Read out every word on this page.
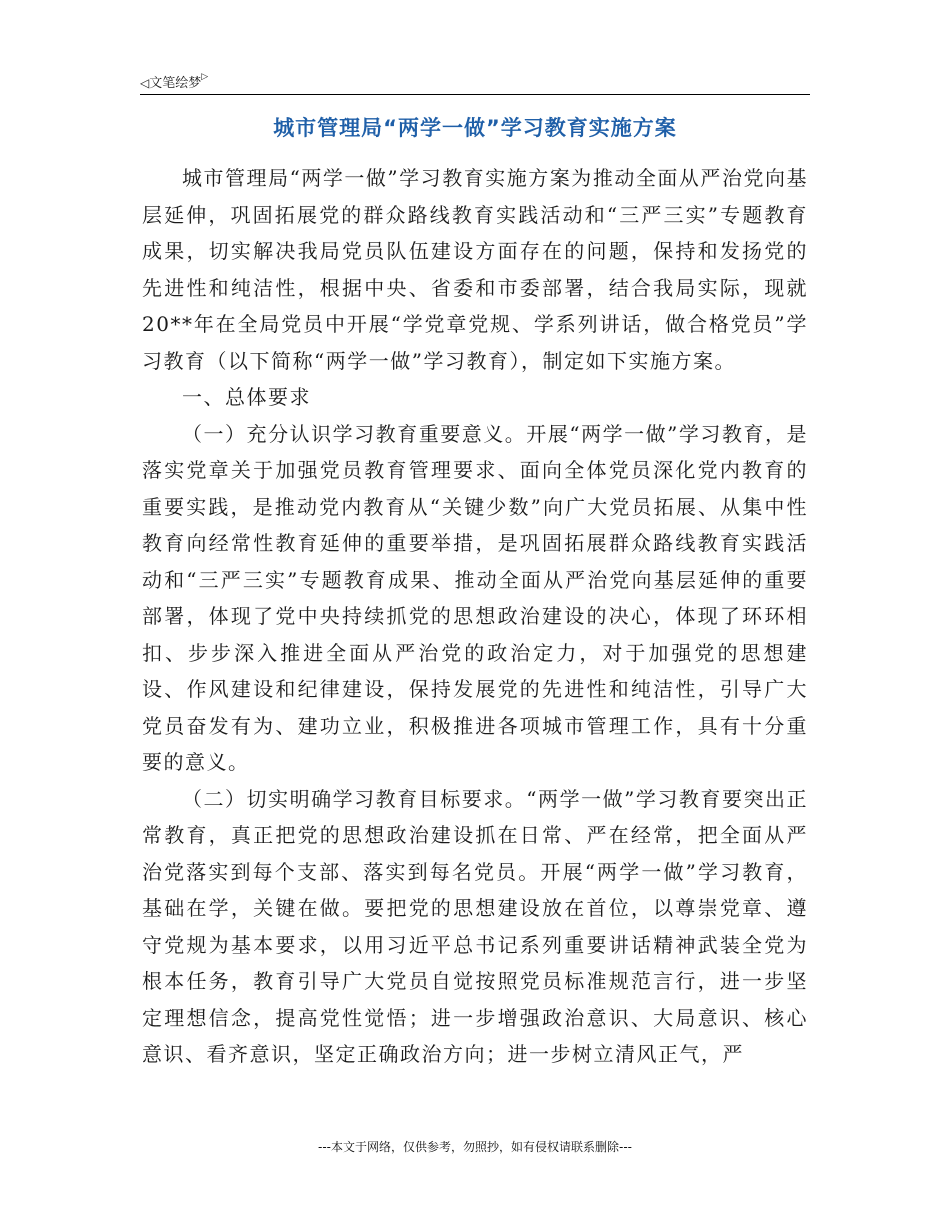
◁文笔绘梦▷
城市管理局“两学一做”学习教育实施方案

城市管理局“两学一做”学习教育实施方案为推动全面从严治党向基层延伸，巩固拓展党的群众路线教育实践活动和“三严三实”专题教育成果，切实解决我局党员队伍建设方面存在的问题，保持和发扬党的先进性和纯洁性，根据中央、省委和市委部署，结合我局实际，现就20**年在全局党员中开展“学党章党规、学系列讲话，做合格党员”学习教育（以下简称“两学一做”学习教育），制定如下实施方案。

一、总体要求

（一）充分认识学习教育重要意义。开展“两学一做”学习教育，是落实党章关于加强党员教育管理要求、面向全体党员深化党内教育的重要实践，是推动党内教育从“关键少数”向广大党员拓展、从集中性教育向经常性教育延伸的重要举措，是巩固拓展群众路线教育实践活动和“三严三实”专题教育成果、推动全面从严治党向基层延伸的重要部署，体现了党中央持续抓党的思想政治建设的决心，体现了环环相扣、步步深入推进全面从严治党的政治定力，对于加强党的思想建设、作风建设和纪律建设，保持发展党的先进性和纯洁性，引导广大党员奋发有为、建功立业，积极推进各项城市管理工作，具有十分重要的意义。

（二）切实明确学习教育目标要求。“两学一做”学习教育要突出正常教育，真正把党的思想政治建设抓在日常、严在经常，把全面从严治党落实到每个支部、落实到每名党员。开展“两学一做”学习教育，基础在学，关键在做。要把党的思想建设放在首位，以尊崇党章、遵守党规为基本要求，以用习近平总书记系列重要讲话精神武装全党为根本任务，教育引导广大党员自觉按照党员标准规范言行，进一步坚定理想信念，提高党性觉悟；进一步增强政治意识、大局意识、核心意识、看齐意识，坚定正确政治方向；进一步树立清风正气，严

---本文于网络，仅供参考，勿照抄，如有侵权请联系删除---
